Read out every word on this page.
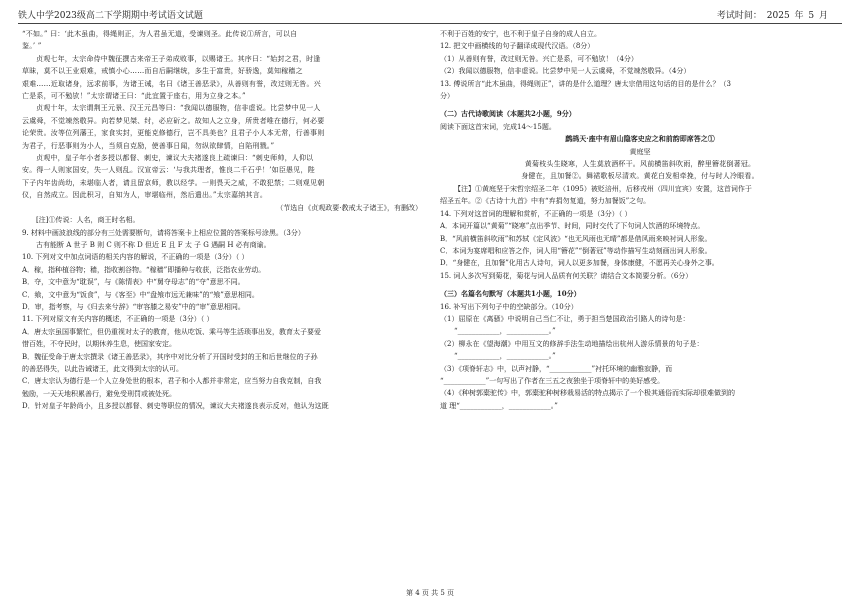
铁人中学2023级高二下学期期中考试语文试题	考试时间： 2025 年 5 月

“不如。” 曰：‘此木虽曲，得绳则正，为人君虽无道，受谏则圣。此传说①所言，可以自

鉴。’ ”

贞观七年，太宗命侍中魏征撰古来帝王子弟成败事，以赐诸王。其序曰：“始封之君，时逢

草昧，莫不以王业艰难，戒慎小心……而自后嗣继统，多生于富贵，好骄逸，莫知稼穑之

艰难……近取诸身，远求前事，为诸王诫，名曰《诸王善恶录》，从善则有誉，改过则无咎。兴

亡是系，可不勉欤！”太宗谓诸王曰：“此宜置于座右，用为立身之本。”

贞观十年，太宗谓荆王元景、汉王元昌等曰：“我闻以德服物，信非虚说。比尝梦中见一人

云虞舜，不觉竦然敬异。向若梦见桀、纣，必应斫之。故知人之立身，所贵者唯在德行，何必要

论荣贵。汝等位列藩王，家食实封，更能克修德行，岂不具美也？且君子小人本无常，行善事则

为君子，行恶事则为小人，当须自克励，使善事日闻，勿纵欲肆情，自陷刑戮。”

贞观中，皇子年小者多授以都督、刺史，谏议大夫褚遂良上疏谏曰：“刺史师帅，人仰以

安。得一人则家国安，失一人则乱。汉宣帝云：‘与我共理者，惟良二千石乎！’如臣愚见，陛

下子内年齿尚幼，未堪临人者，请且留京师，教以经学。一则畏天之威，不敢犯禁；二则观见朝

仪，自然成立。因此积习，自知为人，审堪临州，然后遣出。”太宗嘉纳其言。

（节选自《贞观政要·教戒太子诸王》，有删改）

[注]①传说：人名，商王时名相。

9. 材料中画波浪线的部分有三处需要断句，请将答案卡上相应位置的答案标号涂黑。（3分）

古有能断 A 世子 B 则 C 则不称 D 但近 E 且 F 太 子 G 遇嗣 H 必有商谕。

10. 下列对文中加点词语的相关内容的解说，不正确的一项是（3分）（ ）

A．稼，指种植谷物；穑，指收割谷物。“稼穑”即播种与收获，泛指农业劳动。

B．夺，文中意为“耽误”，与《陈情表》中“舅夺母志”的“夺”意思不同。

C．飨，文中意为“饭食”，与《客至》中“盘飧市远无兼味”的“飧”意思相同。

D．审，指考察，与《归去来兮辞》“审容膝之易安”中的“审”意思相同。

11. 下列对原文有关内容的概述，不正确的一项是（3分）（ ）

A．唐太宗虽国事繁忙，但仍重视对太子的教育，他从吃饭、乘马等生活琐事出发，教育太子要爱

惜百姓，不夺民时，以期休养生息，使国家安定。

B．魏征受命于唐太宗撰录《诸王善恶录》，其序中对比分析了开国时受封的王和后世继位的子孙

的善恶得失，以此告诫诸王，此文得到太宗的认可。

C．唐太宗认为德行是一个人立身处世的根本，君子和小人都并非常定，应当努力自我克制，自我

勉励，一天天地积累善行，避免受刑罚或被处死。

D．针对皇子年龄尚小，且多授以都督、刺史等职位的情况，谏议大夫褚遂良表示反对，他认为这既

不利于百姓的安宁，也不利于皇子自身的成人自立。

12. 把文中画横线的句子翻译成现代汉语。（8分）

（1）从善则有誉，改过则无咎。兴亡是系，可不勉欤！（4分）

（2）我闻以德服物，信非虚说。比尝梦中见一人云虞舜，不觉竦然敬异。（4分）

13. 傅说所言“此木虽曲，得绳则正”，讲的是什么道理？唐太宗借用这句话的目的是什么？（3

分）

（二）古代诗歌阅读（本题共2小题，9分）

阅读下面这首宋词，完成14～15题。

鹧鸪天·座中有眉山隐客史应之和前韵即席答之①

黄庭坚

黄菊枝头生晓寒，人生莫放酒杯干。风前横笛斜吹雨，醉里簪花倒著冠。

身健在，且加餐②。舞裙歌板尽清欢。黄花白发相牵挽，付与时人冷眼看。

【注】①黄庭坚于宋哲宗绍圣二年（1095）被贬涪州，后移戎州（四川宜宾）安置，这首词作于

绍圣五年。②《古诗十九首》中有“弃捐勿复道，努力加餐饭”之句。

14. 下列对这首词的理解和赏析，不正确的一项是（3分）（ ）

A．本词开篇以“黄菊”“晓寒”点出季节、时间，同时交代了下句词人饮酒的环境特点。

B．“风前横笛斜吹雨”和苏轼《定风波》“也无风雨也无晴”都是借风雨来映衬词人形象。

C．本词为宴席唱和应答之作，词人用“簪花”“倒著冠”等动作描写生动刻画出词人形象。

D．“身健在，且加餐”化用古人诗句，词人以更多加餐，身体康健，不愿再关心身外之事。

15. 词人多次写到菊花，菊花与词人品质有何关联？请结合文本简要分析。（6分）

（三）名篇名句默写（本题共1小题，10分）

16. 补写出下列句子中的空缺部分。（10分）

（1）屈原在《离骚》中说明自己当仁不让，勇于担当楚国政治引路人的诗句是：

“____________，____________。”

（2）柳永在《望海潮》中用互文的修辞手法生动地描绘出杭州人游乐情景的句子是：

“____________，____________。”

（3）《项脊轩志》中，以声衬静，“____________”衬托环境的幽雅寂静，而

“____________”一句写出了作者在三五之夜独坐于项脊轩中的美好感受。

（4）《种树郭橐驼传》中，郭橐驼种树移栽易活的特点揭示了一个极其通俗而实际却很难做到的

道 理“____________，____________。”

第 4 页 共 5 页
